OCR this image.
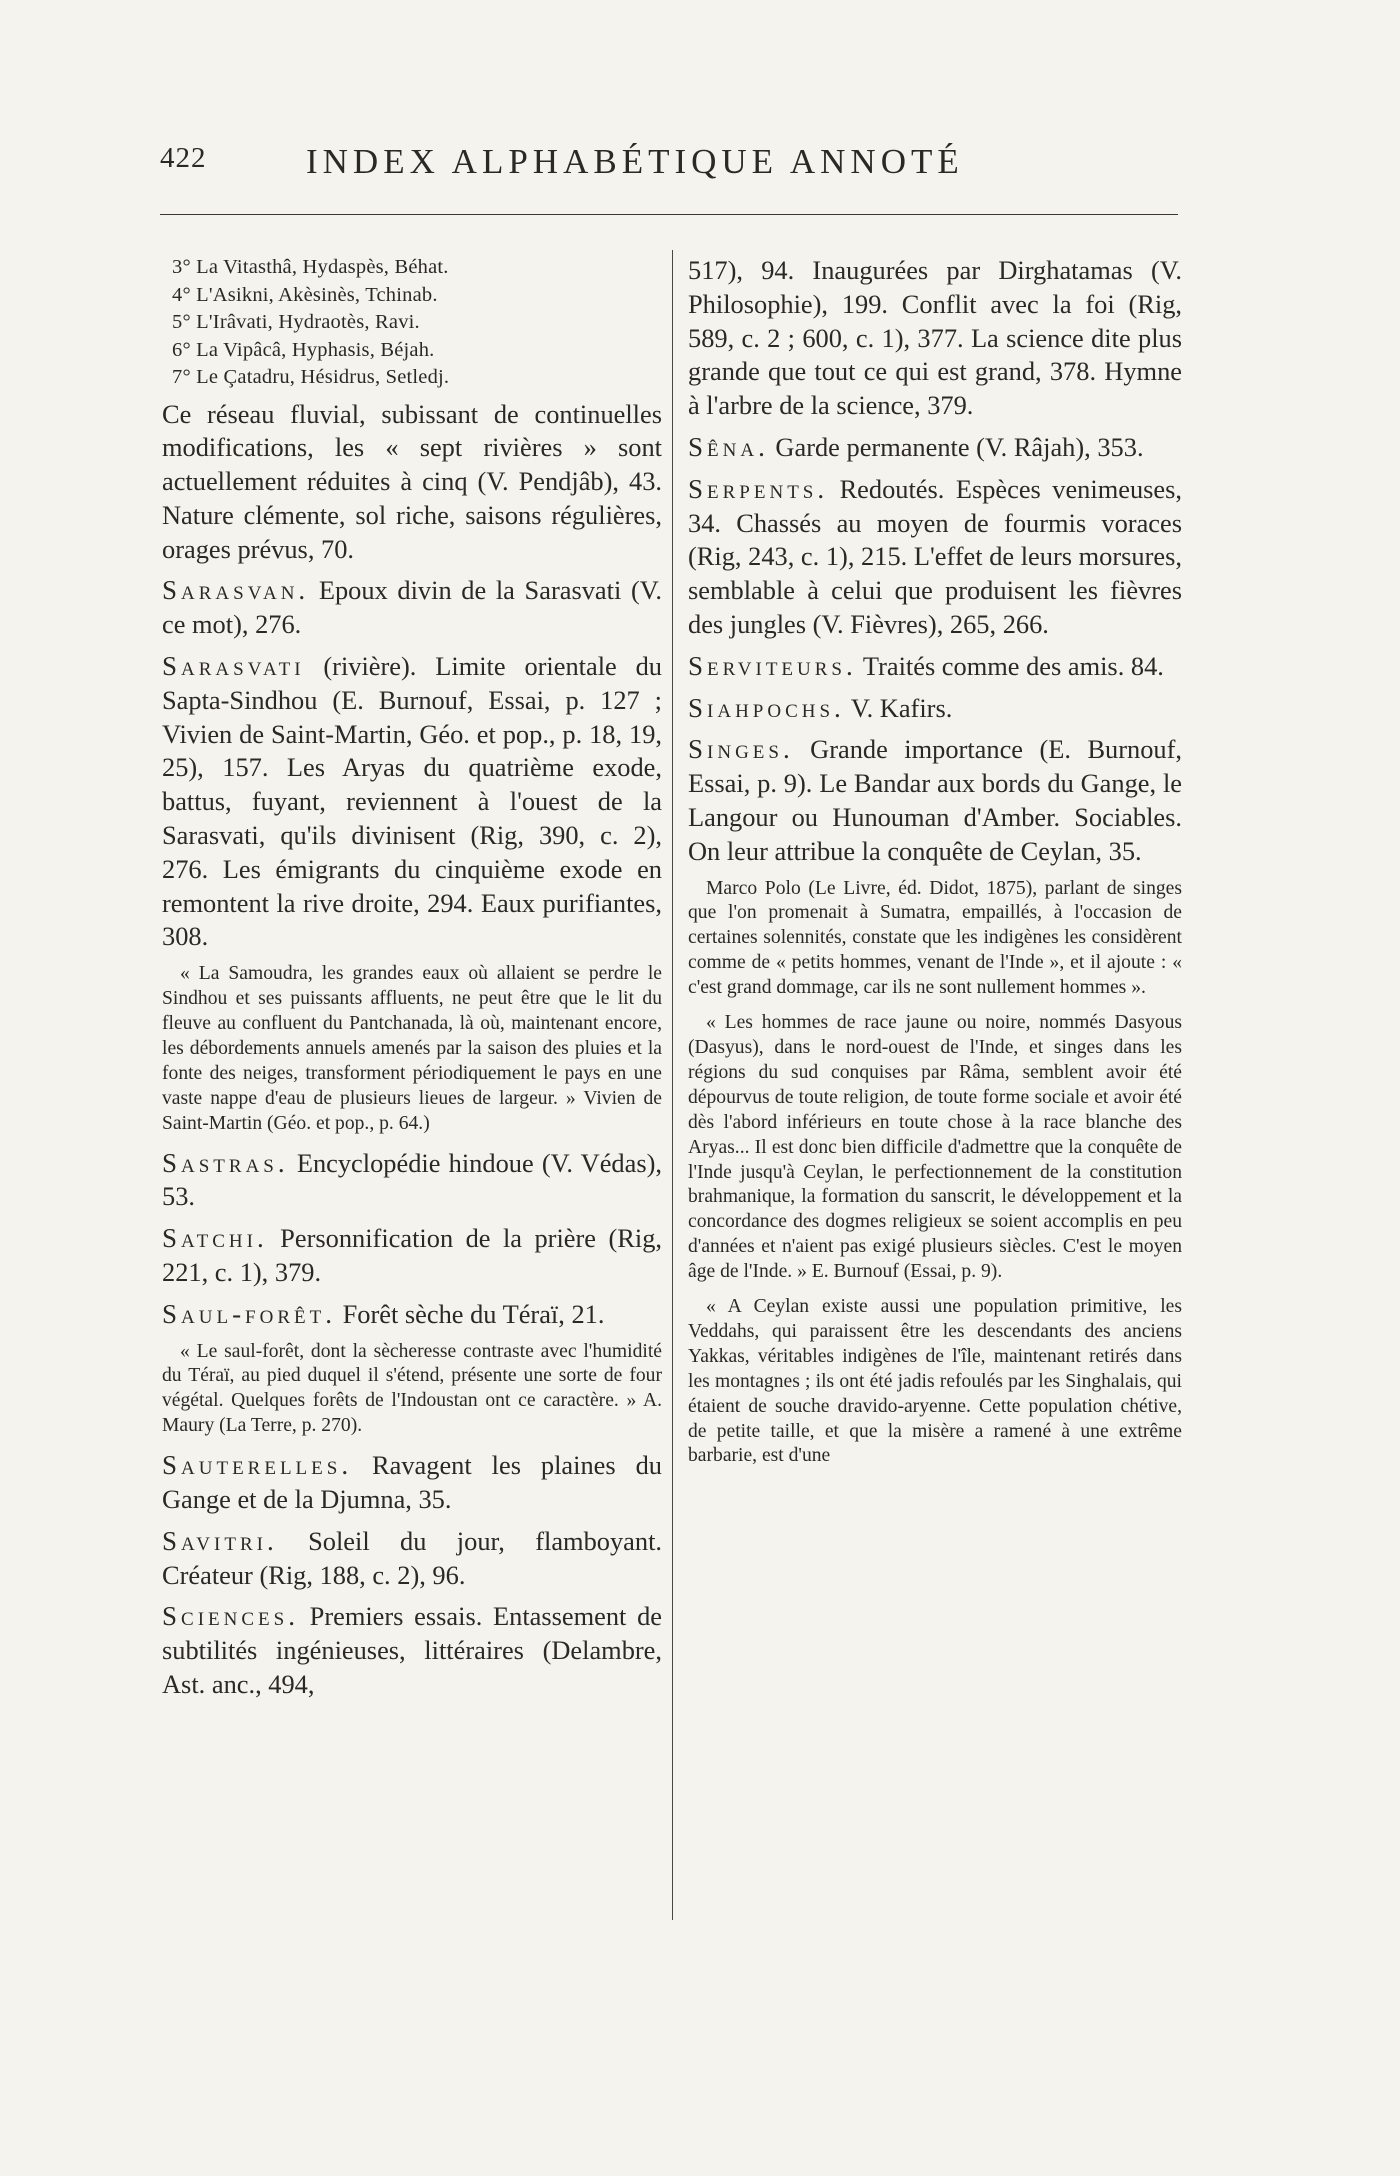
422	INDEX ALPHABÉTIQUE ANNOTÉ
3° La Vitasthâ, Hydaspès, Béhat.
4° L'Asikni, Akèsinès, Tchinab.
5° L'Irâvati, Hydraotès, Ravi.
6° La Vipâcâ, Hyphasis, Béjah.
7° Le Çatadru, Hésidrus, Setledj.

Ce réseau fluvial, subissant de continuelles modifications, les « sept rivières » sont actuellement réduites à cinq (V. Pendjâb), 43. Nature clémente, sol riche, saisons régulières, orages prévus, 70.

Sarasvan. Epoux divin de la Sarasvati (V. ce mot), 276.

Sarasvati (rivière). Limite orientale du Sapta-Sindhou (E. Burnouf, Essai, p. 127 ; Vivien de Saint-Martin, Géo. et pop., p. 18, 19, 25), 157. Les Aryas du quatrième exode, battus, fuyant, reviennent à l'ouest de la Sarasvati, qu'ils divinisent (Rig, 390, c. 2), 276. Les émigrants du cinquième exode en remontent la rive droite, 294. Eaux purifiantes, 308.

« La Samoudra, les grandes eaux où allaient se perdre le Sindhou et ses puissants affluents, ne peut être que le lit du fleuve au confluent du Pantchanada, là où, maintenant encore, les débordements annuels amenés par la saison des pluies et la fonte des neiges, transforment périodiquement le pays en une vaste nappe d'eau de plusieurs lieues de largeur. » Vivien de Saint-Martin (Géo. et pop., p. 64.)

Sastras. Encyclopédie hindoue (V. Védas), 53.

Satchi. Personnification de la prière (Rig, 221, c. 1), 379.

Saul-forêt. Forêt sèche du Téraï, 21.

« Le saul-forêt, dont la sècheresse contraste avec l'humidité du Téraï, au pied duquel il s'étend, présente une sorte de four végétal. Quelques forêts de l'Indoustan ont ce caractère. » A. Maury (La Terre, p. 270).

Sauterelles. Ravagent les plaines du Gange et de la Djumna, 35.

Savitri. Soleil du jour, flamboyant. Créateur (Rig, 188, c. 2), 96.

Sciences. Premiers essais. Entassement de subtilités ingénieuses, littéraires (Delambre, Ast. anc., 494,

517), 94. Inaugurées par Dirghatamas (V. Philosophie), 199. Conflit avec la foi (Rig, 589, c. 2 ; 600, c. 1), 377. La science dite plus grande que tout ce qui est grand, 378. Hymne à l'arbre de la science, 379.

Sêna. Garde permanente (V. Râjah), 353.

Serpents. Redoutés. Espèces venimeuses, 34. Chassés au moyen de fourmis voraces (Rig, 243, c. 1), 215. L'effet de leurs morsures, semblable à celui que produisent les fièvres des jungles (V. Fièvres), 265, 266.

Serviteurs. Traités comme des amis. 84.

Siahpochs. V. Kafirs.

Singes. Grande importance (E. Burnouf, Essai, p. 9). Le Bandar aux bords du Gange, le Langour ou Hunouman d'Amber. Sociables. On leur attribue la conquête de Ceylan, 35.

Marco Polo (Le Livre, éd. Didot, 1875), parlant de singes que l'on promenait à Sumatra, empaillés, à l'occasion de certaines solennités, constate que les indigènes les considèrent comme de « petits hommes, venant de l'Inde », et il ajoute : « c'est grand dommage, car ils ne sont nullement hommes ».

« Les hommes de race jaune ou noire, nommés Dasyous (Dasyus), dans le nord-ouest de l'Inde, et singes dans les régions du sud conquises par Râma, semblent avoir été dépourvus de toute religion, de toute forme sociale et avoir été dès l'abord inférieurs en toute chose à la race blanche des Aryas... Il est donc bien difficile d'admettre que la conquête de l'Inde jusqu'à Ceylan, le perfectionnement de la constitution brahmanique, la formation du sanscrit, le développement et la concordance des dogmes religieux se soient accomplis en peu d'années et n'aient pas exigé plusieurs siècles. C'est le moyen âge de l'Inde. » E. Burnouf (Essai, p. 9).

« A Ceylan existe aussi une population primitive, les Veddahs, qui paraissent être les descendants des anciens Yakkas, véritables indigènes de l'île, maintenant retirés dans les montagnes ; ils ont été jadis refoulés par les Singhalais, qui étaient de souche dravido-aryenne. Cette population chétive, de petite taille, et que la misère a ramené à une extrême barbarie, est d'une
